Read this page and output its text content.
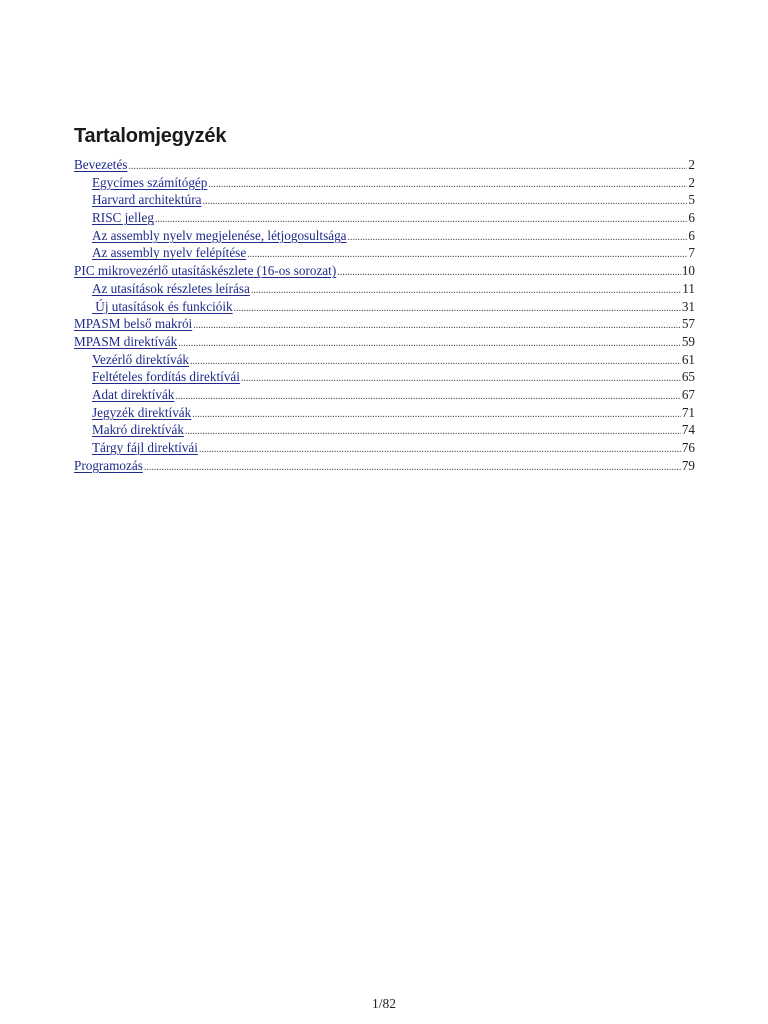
Tartalomjegyzék
Bevezetés .....	2
Egycímes számítógép .....	2
Harvard architektúra .....	5
RISC jelleg .....	6
Az assembly nyelv megjelenése, létjogosultsága .....	6
Az assembly nyelv felépítése .....	7
PIC mikrovezérlő utasításkészlete (16-os sorozat) .....	10
Az utasítások részletes leírása .....	11
Új utasítások és funkcióik .....	31
MPASM belső makrói .....	57
MPASM direktívák .....	59
Vezérlő direktívák .....	61
Feltételes fordítás direktívái .....	65
Adat direktívák .....	67
Jegyzék direktívák .....	71
Makró direktívák .....	74
Tárgy fájl direktívái .....	76
Programozás .....	79
1/82
